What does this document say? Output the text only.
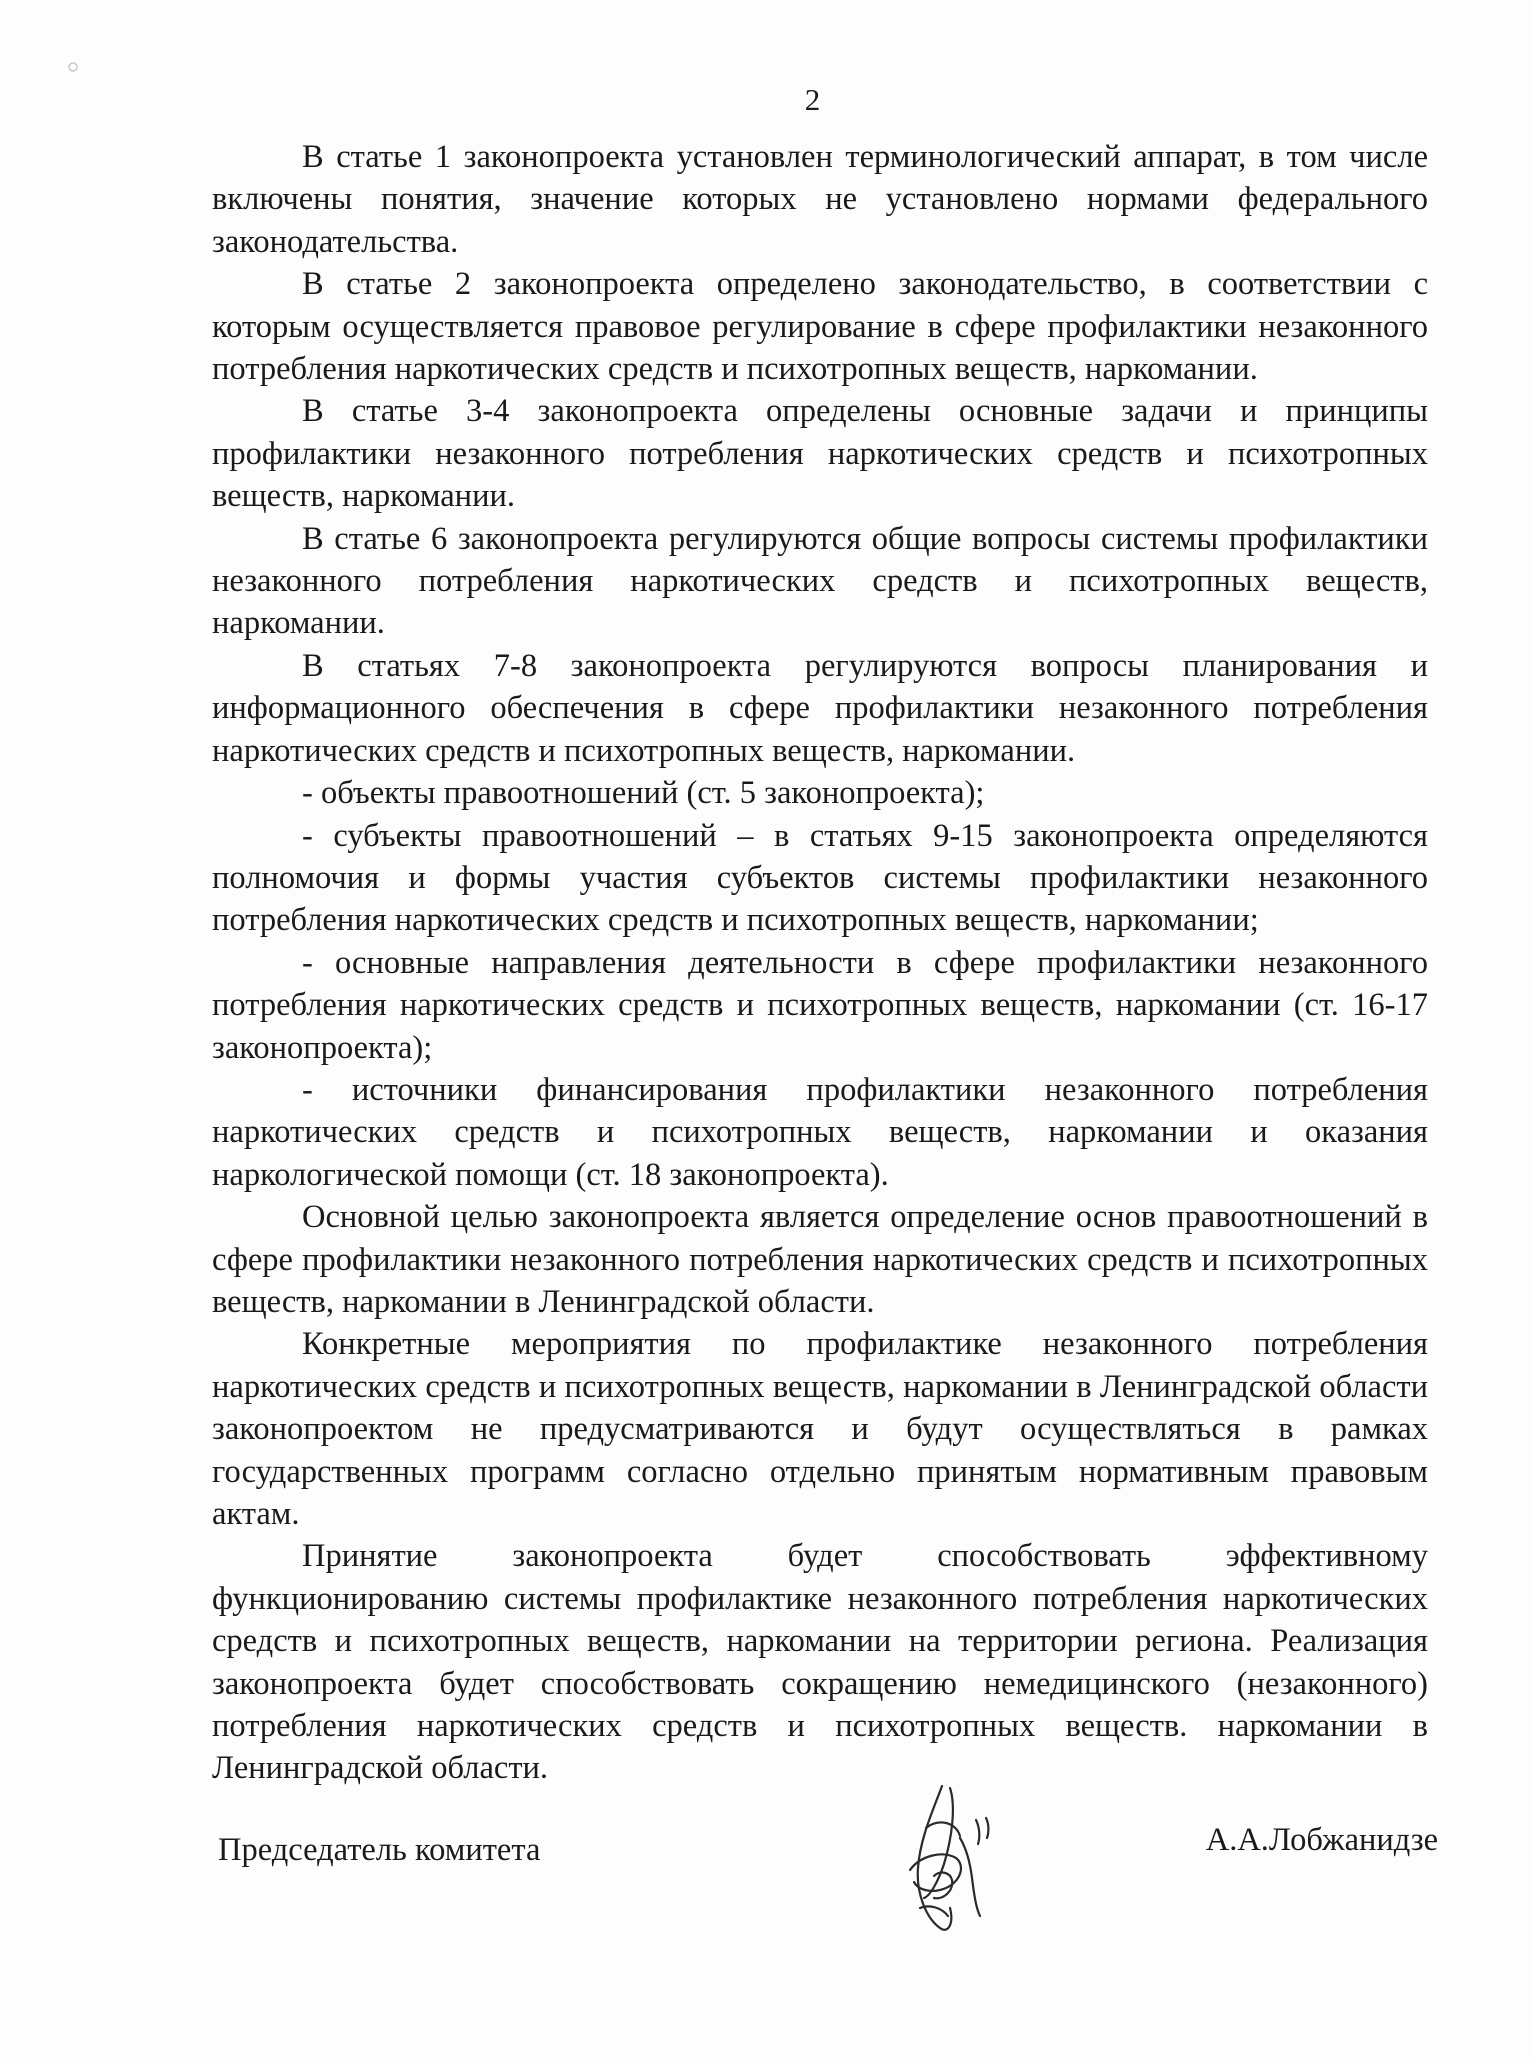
2

В статье 1 законопроекта установлен терминологический аппарат, в том числе включены понятия, значение которых не установлено нормами федерального законодательства.

В статье 2 законопроекта определено законодательство, в соответствии с которым осуществляется правовое регулирование в сфере профилактики незаконного потребления наркотических средств и психотропных веществ, наркомании.

В статье 3-4 законопроекта определены основные задачи и принципы профилактики незаконного потребления наркотических средств и психотропных веществ, наркомании.

В статье 6 законопроекта регулируются общие вопросы системы профилактики незаконного потребления наркотических средств и психотропных веществ, наркомании.

В статьях 7-8 законопроекта регулируются вопросы планирования и информационного обеспечения в сфере профилактики незаконного потребления наркотических средств и психотропных веществ, наркомании.

- объекты правоотношений (ст. 5 законопроекта);

- субъекты правоотношений – в статьях 9-15 законопроекта определяются полномочия и формы участия субъектов системы профилактики незаконного потребления наркотических средств и психотропных веществ, наркомании;

- основные направления деятельности в сфере профилактики незаконного потребления наркотических средств и психотропных веществ, наркомании (ст. 16-17 законопроекта);

- источники финансирования профилактики незаконного потребления наркотических средств и психотропных веществ, наркомании и оказания наркологической помощи (ст. 18 законопроекта).

Основной целью законопроекта является определение основ правоотношений в сфере профилактики незаконного потребления наркотических средств и психотропных веществ, наркомании в Ленинградской области.

Конкретные мероприятия по профилактике незаконного потребления наркотических средств и психотропных веществ, наркомании в Ленинградской области законопроектом не предусматриваются и будут осуществляться в рамках государственных программ согласно отдельно принятым нормативным правовым актам.

Принятие законопроекта будет способствовать эффективному функционированию системы профилактике незаконного потребления наркотических средств и психотропных веществ, наркомании на территории региона. Реализация законопроекта будет способствовать сокращению немедицинского (незаконного) потребления наркотических средств и психотропных веществ. наркомании в Ленинградской области.

Председатель комитета	А.А.Лобжанидзе
